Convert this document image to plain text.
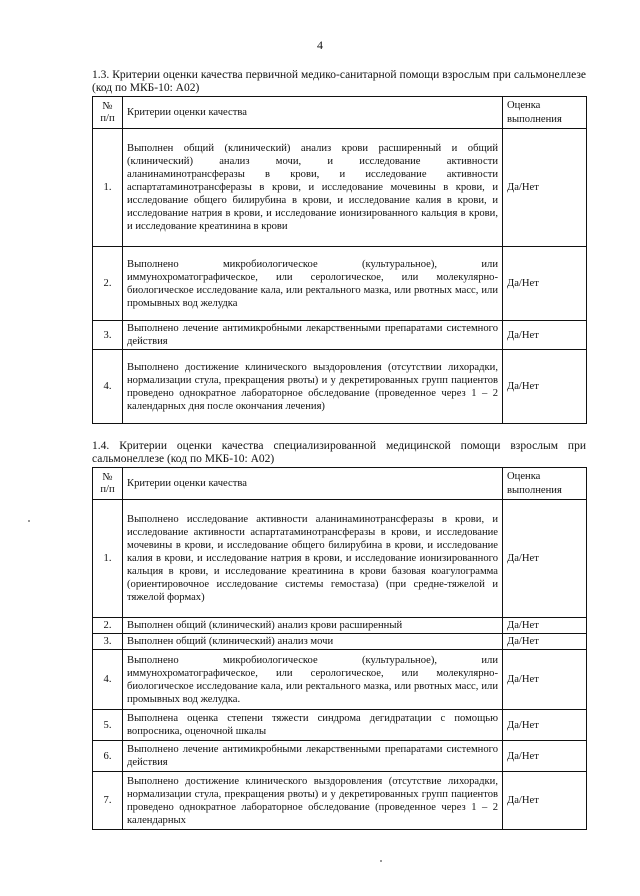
4
1.3. Критерии оценки качества первичной медико-санитарной помощи взрослым при сальмонеллезе (код по МКБ-10: А02)
№ п/п	Критерии оценки качества	Оценка выполнения
1.	Выполнен общий (клинический) анализ крови расширенный и общий (клинический) анализ мочи, и исследование активности аланинаминотрансферазы в крови, и исследование активности аспартатаминотрансферазы в крови, и исследование мочевины в крови, и исследование общего билирубина в крови, и исследование калия в крови, и исследование натрия в крови, и исследование ионизированного кальция в крови, и исследование креатинина в крови	Да/Нет
2.	Выполнено микробиологическое (культуральное), или иммунохроматографическое, или серологическое, или молекулярно-биологическое исследование кала, или ректального мазка, или рвотных масс, или промывных вод желудка	Да/Нет
3.	Выполнено лечение антимикробными лекарственными препаратами системного действия	Да/Нет
4.	Выполнено достижение клинического выздоровления (отсутствии лихорадки, нормализации стула, прекращения рвоты) и у декретированных групп пациентов проведено однократное лабораторное обследование (проведенное через 1 – 2 календарных дня после окончания лечения)	Да/Нет
1.4. Критерии оценки качества специализированной медицинской помощи взрослым при сальмонеллезе (код по МКБ-10: А02)
№ п/п	Критерии оценки качества	Оценка выполнения
1.	Выполнено исследование активности аланинаминотрансферазы в крови, и исследование активности аспартатаминотрансферазы в крови, и исследование мочевины в крови, и исследование общего билирубина в крови, и исследование калия в крови, и исследование натрия в крови, и исследование ионизированного кальция в крови, и исследование креатинина в крови базовая коагулограмма (ориентировочное исследование системы гемостаза) (при средне-тяжелой и тяжелой формах)	Да/Нет
2.	Выполнен общий (клинический) анализ крови расширенный	Да/Нет
3.	Выполнен общий (клинический) анализ мочи	Да/Нет
4.	Выполнено микробиологическое (культуральное), или иммунохроматографическое, или серологическое, или молекулярно-биологическое исследование кала, или ректального мазка, или рвотных масс, или промывных вод желудка.	Да/Нет
5.	Выполнена оценка степени тяжести синдрома дегидратации с помощью вопросника, оценочной шкалы	Да/Нет
6.	Выполнено лечение антимикробными лекарственными препаратами системного действия	Да/Нет
7.	Выполнено достижение клинического выздоровления (отсутствие лихорадки, нормализации стула, прекращения рвоты) и у декретированных групп пациентов проведено однократное лабораторное обследование (проведенное через 1 – 2 календарных	Да/Нет
